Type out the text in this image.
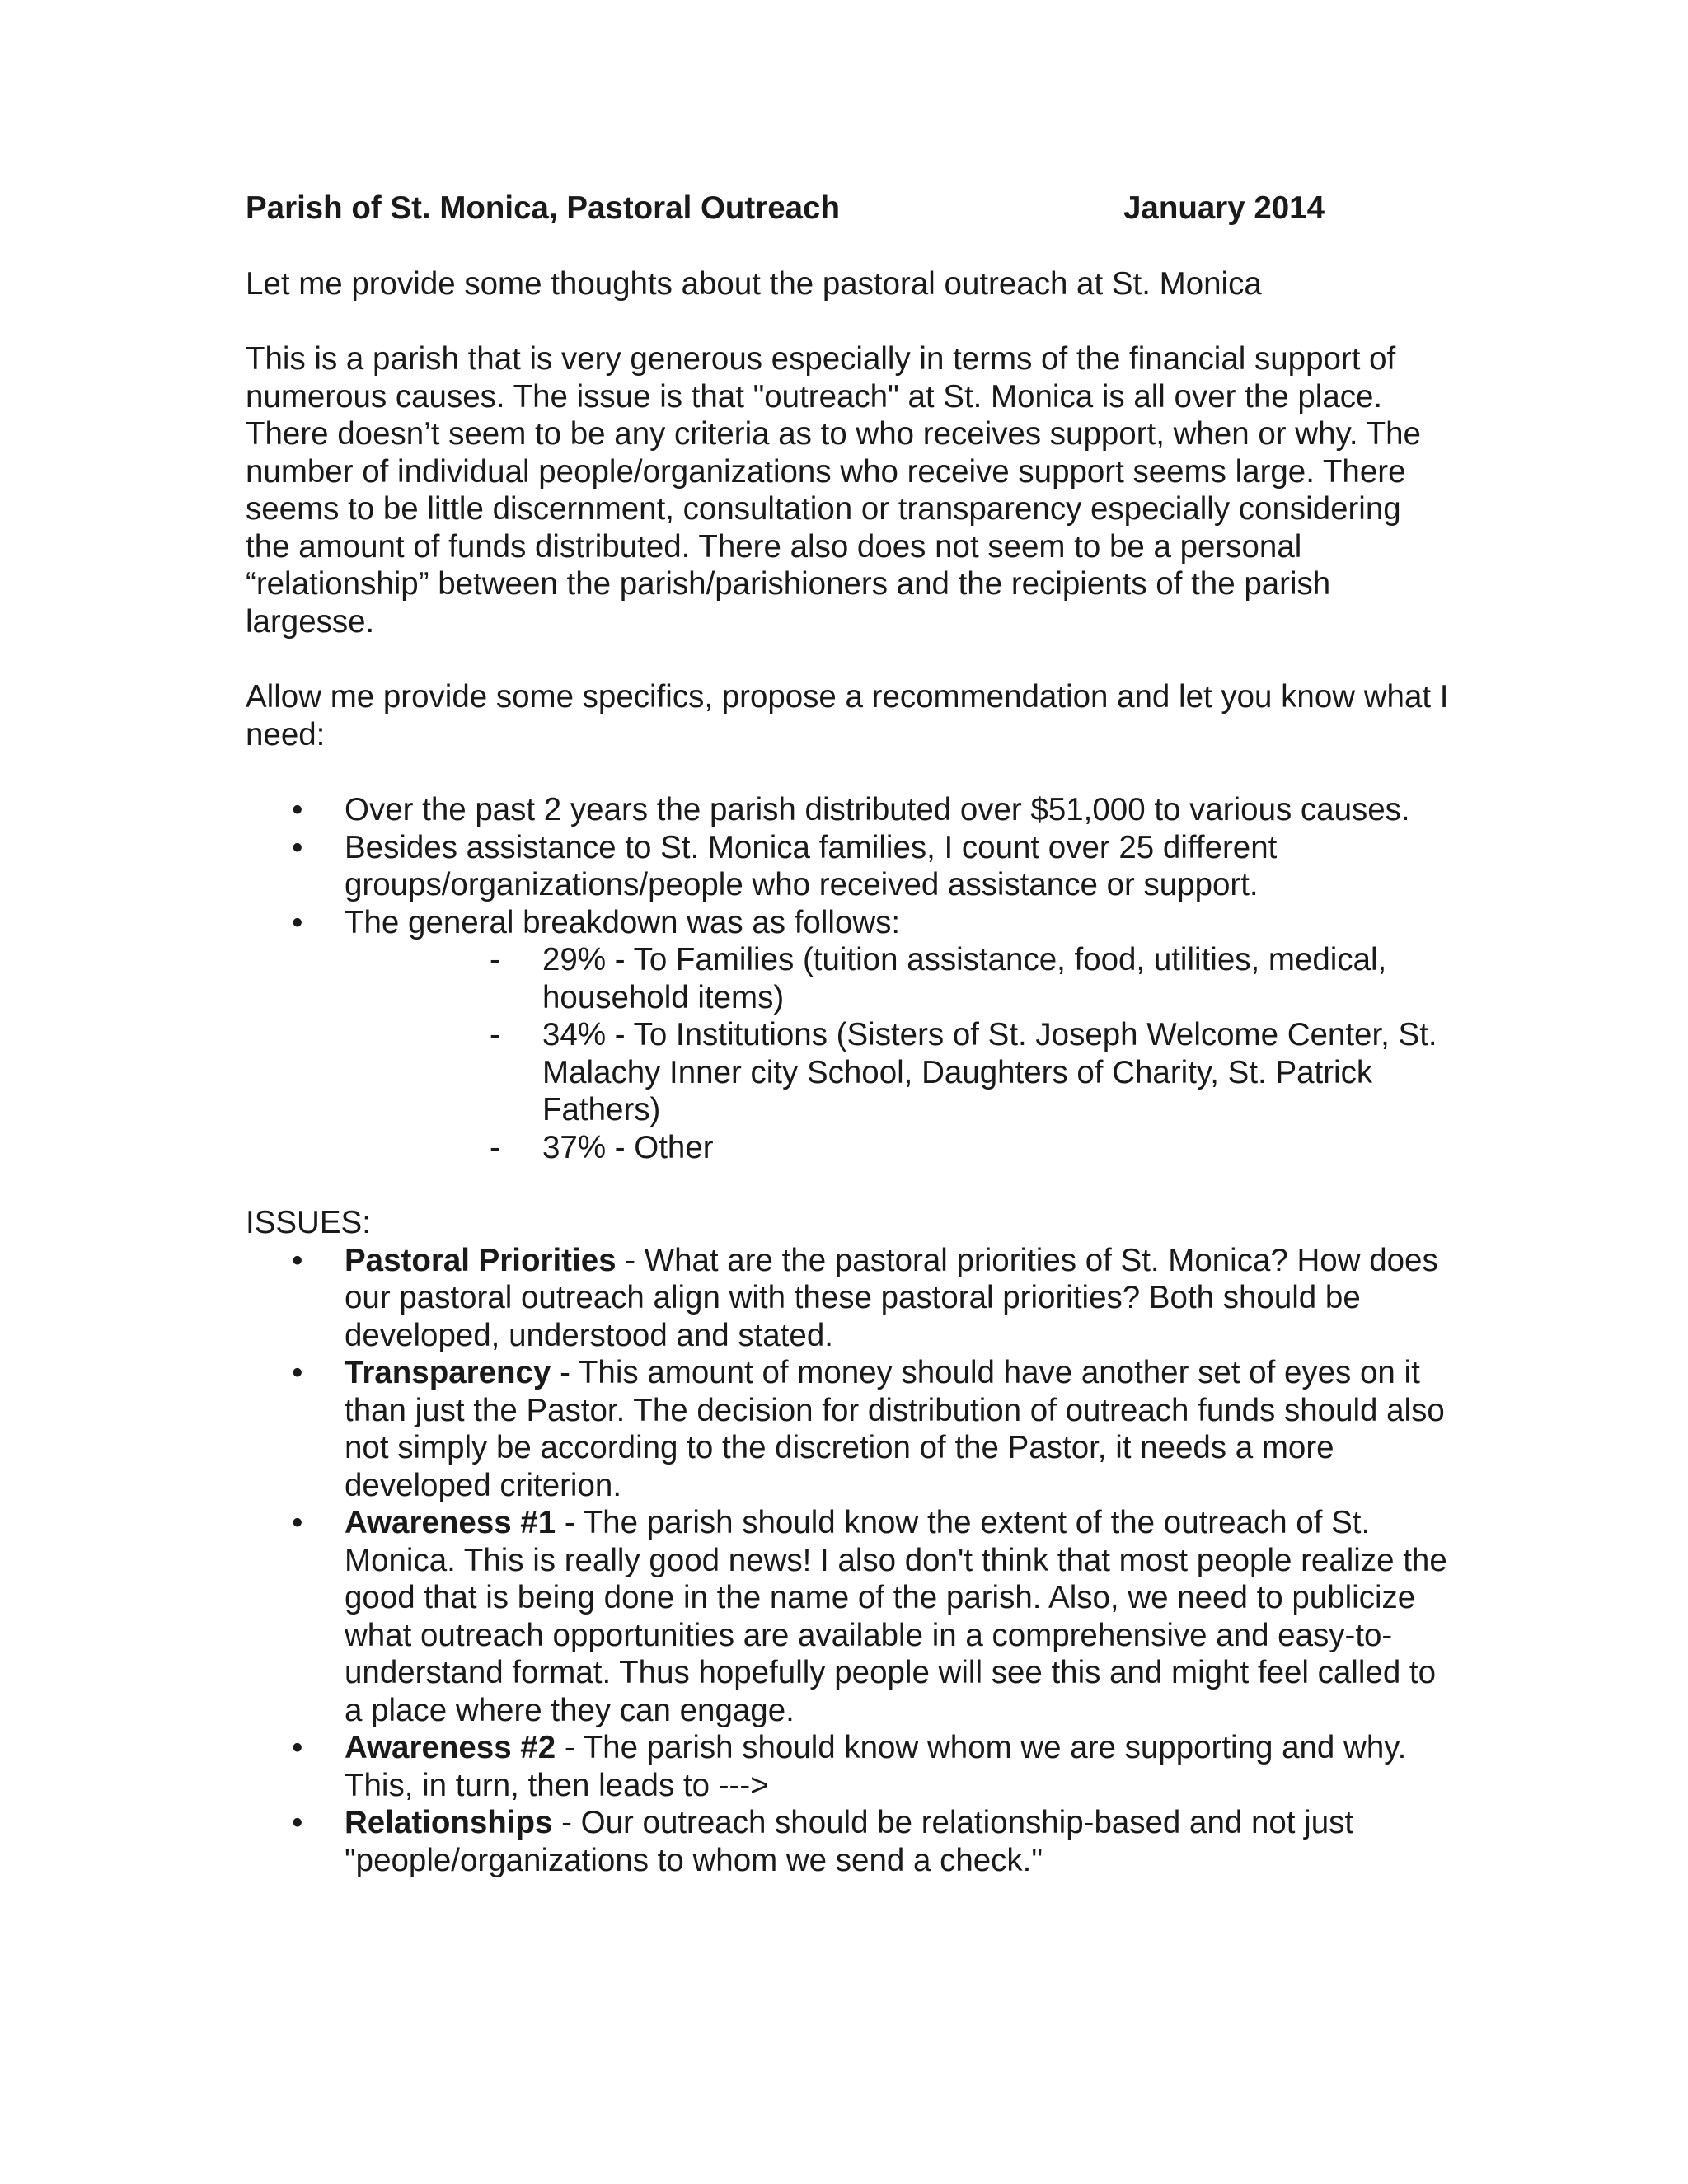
Parish of St. Monica, Pastoral Outreach	January 2014

Let me provide some thoughts about the pastoral outreach at St. Monica

This is a parish that is very generous especially in terms of the financial support of numerous causes. The issue is that "outreach" at St. Monica is all over the place. There doesn’t seem to be any criteria as to who receives support, when or why. The number of individual people/organizations who receive support seems large. There seems to be little discernment, consultation or transparency especially considering the amount of funds distributed. There also does not seem to be a personal “relationship” between the parish/parishioners and the recipients of the parish largesse.

Allow me provide some specifics, propose a recommendation and let you know what I need:

• Over the past 2 years the parish distributed over $51,000 to various causes.
• Besides assistance to St. Monica families, I count over 25 different groups/organizations/people who received assistance or support.
• The general breakdown was as follows:
- 29% - To Families (tuition assistance, food, utilities, medical, household items)
- 34% - To Institutions (Sisters of St. Joseph Welcome Center, St. Malachy Inner city School, Daughters of Charity, St. Patrick Fathers)
- 37% - Other
ISSUES:
• Pastoral Priorities - What are the pastoral priorities of St. Monica? How does our pastoral outreach align with these pastoral priorities? Both should be developed, understood and stated.
• Transparency - This amount of money should have another set of eyes on it than just the Pastor. The decision for distribution of outreach funds should also not simply be according to the discretion of the Pastor, it needs a more developed criterion.
• Awareness #1 - The parish should know the extent of the outreach of St. Monica. This is really good news! I also don't think that most people realize the good that is being done in the name of the parish. Also, we need to publicize what outreach opportunities are available in a comprehensive and easy-to-understand format. Thus hopefully people will see this and might feel called to a place where they can engage.
• Awareness #2 - The parish should know whom we are supporting and why. This, in turn, then leads to --->
• Relationships - Our outreach should be relationship-based and not just "people/organizations to whom we send a check."
